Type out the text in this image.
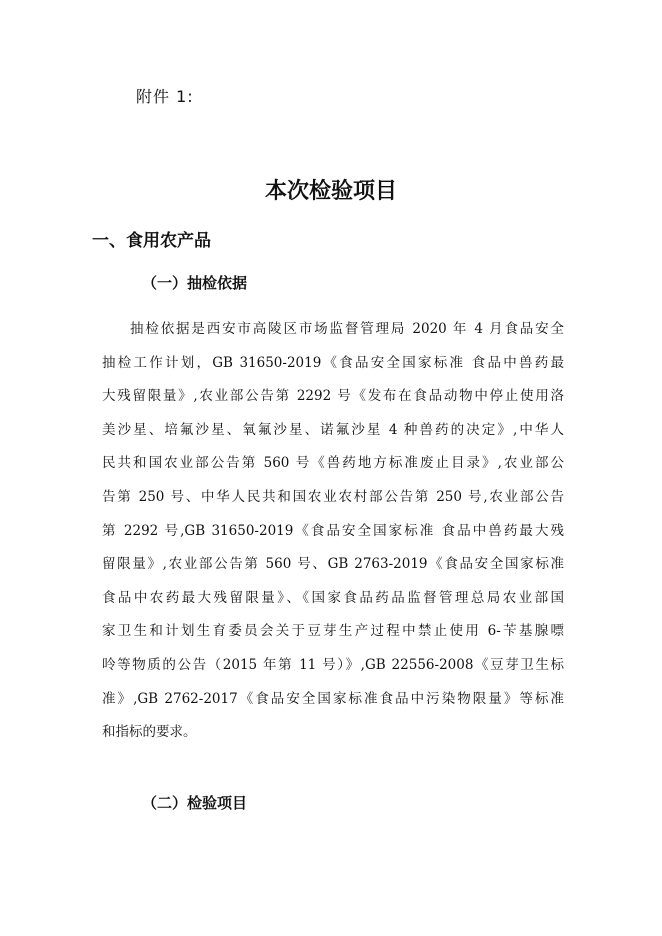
附件 1:
本次检验项目
一、食用农产品
（一）抽检依据
抽检依据是西安市高陵区市场监督管理局 2020 年 4 月食品安全
抽检工作计划，GB 31650-2019《食品安全国家标准 食品中兽药最
大残留限量》,农业部公告第 2292 号《发布在食品动物中停止使用洛
美沙星、培氟沙星、氧氟沙星、诺氟沙星 4 种兽药的决定》,中华人
民共和国农业部公告第 560 号《兽药地方标准废止目录》,农业部公
告第 250 号、中华人民共和国农业农村部公告第 250 号,农业部公告
第 2292 号,GB 31650-2019《食品安全国家标准 食品中兽药最大残
留限量》,农业部公告第 560 号、GB 2763-2019《食品安全国家标准
食品中农药最大残留限量》、《国家食品药品监督管理总局农业部国
家卫生和计划生育委员会关于豆芽生产过程中禁止使用 6-苄基腺嘌
呤等物质的公告（2015 年第 11 号）》,GB 22556-2008《豆芽卫生标
准》,GB 2762-2017《食品安全国家标准食品中污染物限量》等标准
和指标的要求。
（二）检验项目
